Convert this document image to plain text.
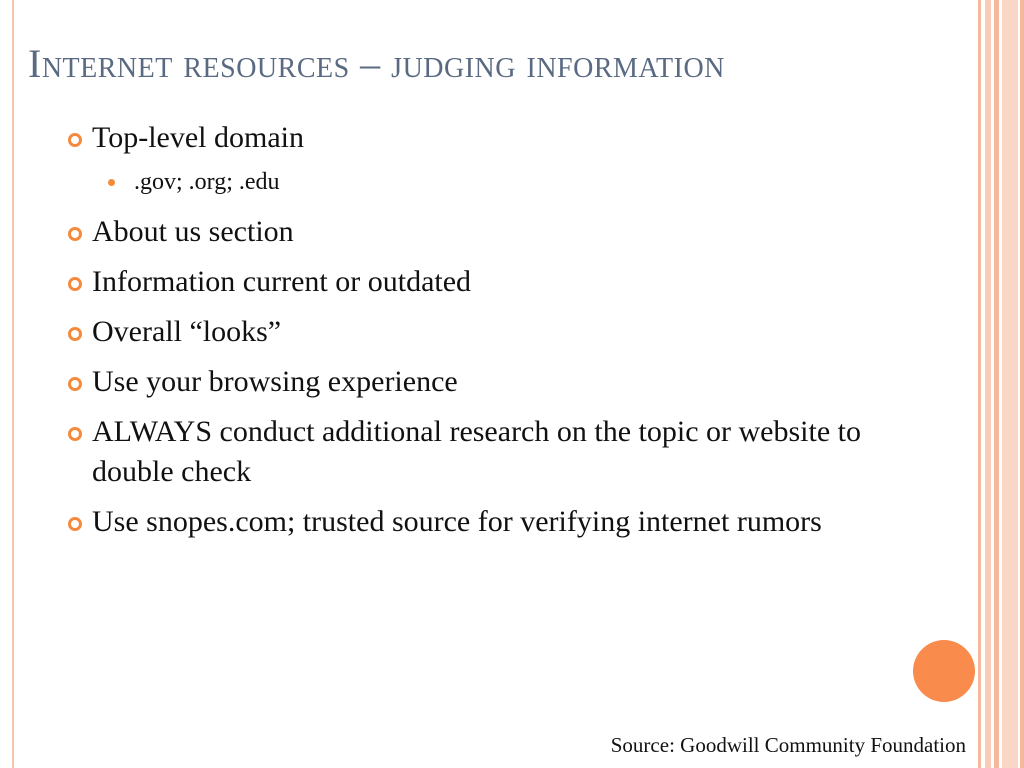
Internet resources – judging information
Top-level domain
.gov; .org; .edu
About us section
Information current or outdated
Overall “looks”
Use your browsing experience
ALWAYS conduct additional research on the topic or website to double check
Use snopes.com; trusted source for verifying internet rumors
Source: Goodwill Community Foundation
